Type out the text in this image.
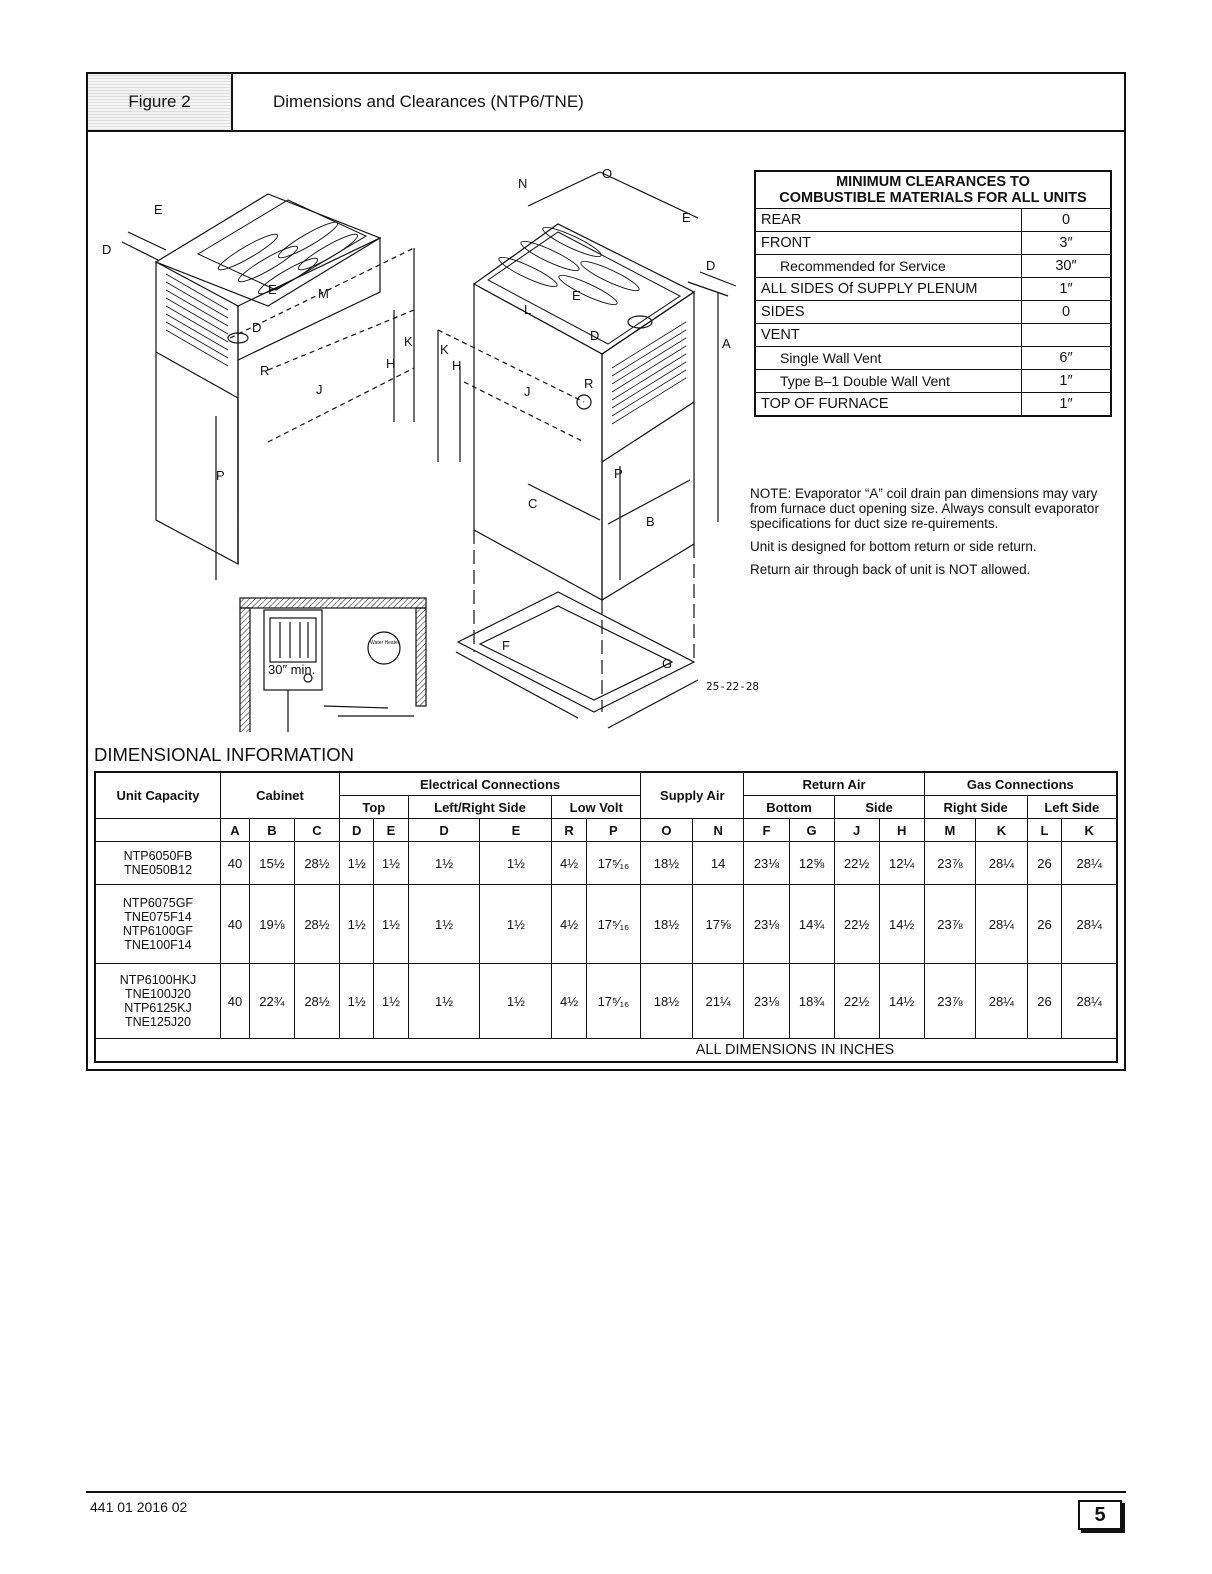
Figure 2	Dimensions and Clearances (NTP6/TNE)
E
D
E	M
D
K
H
R
J
P
N
O
E
D
L
E
D
A
K
H
J
R
P
C
B
F
G
Water Heater
30″ min.
MINIMUM CLEARANCES TO
COMBUSTIBLE MATERIALS FOR ALL UNITS	
REAR	0
FRONT	3″
Recommended for Service	30″
ALL SIDES Of SUPPLY PLENUM	1″
SIDES	0
VENT	
Single Wall Vent	6″
Type B–1 Double Wall Vent	1″
TOP OF FURNACE	1″

NOTE: Evaporator “A” coil drain pan dimensions may vary from furnace duct opening size. Always consult evaporator specifications for duct size re-quirements.

Unit is designed for bottom return or side return.

Return air through back of unit is NOT allowed.

25-22-28
DIMENSIONAL INFORMATION
Unit Capacity	Cabinet			Electrical Connections						Supply Air		Return Air				Gas Connections			
				Top		Left/Right Side		Low Volt				Bottom		Side		Right Side		Left Side	
	A	B	C	D	E	D	E	R	P	O	N	F	G	J	H	M	K	L	K

NTP6050FB
TNE050B12	40	15½	28½	1½	1½	1½	1½	4½	17⁵⁄₁₆	18½	14	23⅛	12⅝	22½	12¼	23⅞	28¼	26	28¼

NTP6075GF
TNE075F14
NTP6100GF
TNE100F14	40	19⅛	28½	1½	1½	1½	1½	4½	17⁵⁄₁₆	18½	17⅝	23⅛	14¾	22½	14½	23⅞	28¼	26	28¼

NTP6100HKJ
TNE100J20
NTP6125KJ
TNE125J20	40	22¾	28½	1½	1½	1½	1½	4½	17⁵⁄₁₆	18½	21¼	23⅛	18¾	22½	14½	23⅞	28¼	26	28¼
ALL DIMENSIONS IN INCHES																			
441 01 2016 02	5
